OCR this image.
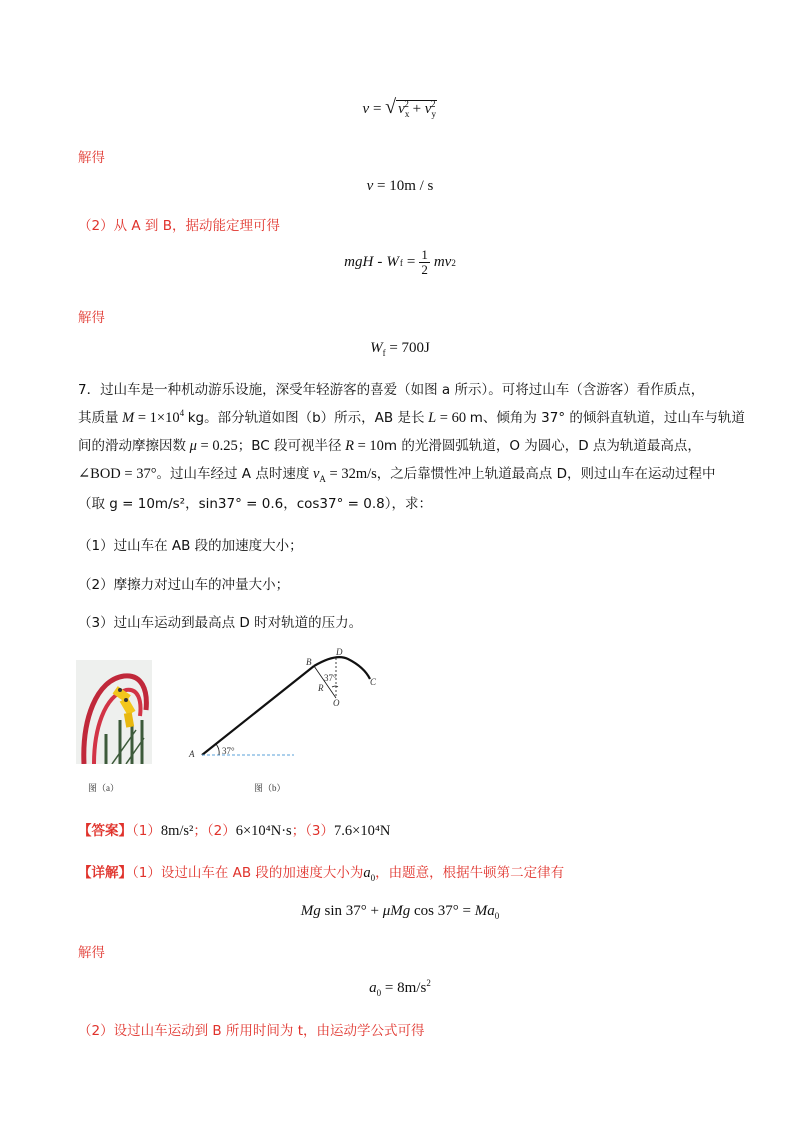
v = √ $v_x^2 + v_y^2$
解得
v = 10m / s
（2）从 A 到 B，据动能定理可得
mgH - W f = 1
2 mv 2
解得
$W_f = 700J$
7．过山车是一种机动游乐设施，深受年轻游客的喜爱（如图 a 所示）。可将过山车（含游客）看作质点，
其质量 $M = 1\times 10^4$ kg。部分轨道如图（b）所示，AB 是长 L = 60 m、倾角为 37° 的倾斜直轨道，过山车与轨道
间的滑动摩擦因数 μ = 0.25；BC 段可视半径 R = 10m 的光滑圆弧轨道，O 为圆心，D 点为轨道最高点，
∠BOD = 37°。过山车经过 A 点时速度 $v_A = 32m/s$，之后靠惯性冲上轨道最高点 D，则过山车在运动过程中
（取 g = 10m/s²，sin37° = 0.6，cos37° = 0.8），求：
（1）过山车在 AB 段的加速度大小；
（2）摩擦力对过山车的冲量大小；
（3）过山车运动到最高点 D 时对轨道的压力。
图（a）
A	37°
B
D
C
37°
R
O
图（b）
【答案】（1）8m/s²；（2）6×10⁴N·s；（3）7.6×10⁴N
【详解】（1）设过山车在 AB 段的加速度大小为$a_0$，由题意，根据牛顿第二定律有
Mg sin 37° + μMg $\cos 37^\circ = Ma_0$
解得
$a_0 = 8m/s^2$
（2）设过山车运动到 B 所用时间为 t，由运动学公式可得
